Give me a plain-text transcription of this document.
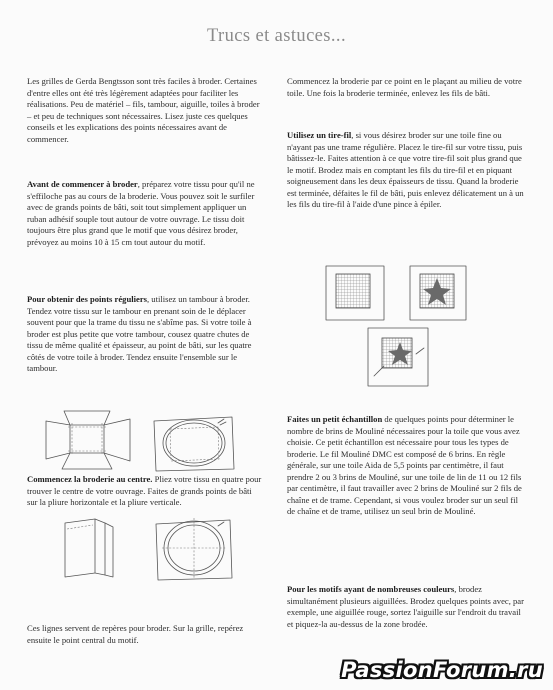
Trucs et astuces...

Les grilles de Gerda Bengtsson sont très faciles à broder. Certaines d'entre elles ont été très légèrement adaptées pour faciliter les réalisations. Peu de matériel – fils, tambour, aiguille, toiles à broder – et peu de techniques sont nécessaires. Lisez juste ces quelques conseils et les explications des points nécessaires avant de commencer.

Avant de commencer à broder, préparez votre tissu pour qu'il ne s'effiloche pas au cours de la broderie. Vous pouvez soit le surfiler avec de grands points de bâti, soit tout simplement appliquer un ruban adhésif souple tout autour de votre ouvrage. Le tissu doit toujours être plus grand que le motif que vous désirez broder, prévoyez au moins 10 à 15 cm tout autour du motif.

Pour obtenir des points réguliers, utilisez un tambour à broder. Tendez votre tissu sur le tambour en prenant soin de le déplacer souvent pour que la trame du tissu ne s'abîme pas. Si votre toile à broder est plus petite que votre tambour, cousez quatre chutes de tissu de même qualité et épaisseur, au point de bâti, sur les quatre côtés de votre toile à broder. Tendez ensuite l'ensemble sur le tambour.

Commencez la broderie au centre. Pliez votre tissu en quatre pour trouver le centre de votre ouvrage. Faites de grands points de bâti sur la pliure horizontale et la pliure verticale.

Ces lignes servent de repères pour broder. Sur la grille, repérez ensuite le point central du motif.

Commencez la broderie par ce point en le plaçant au milieu de votre toile. Une fois la broderie terminée, enlevez les fils de bâti.

Utilisez un tire-fil, si vous désirez broder sur une toile fine ou n'ayant pas une trame régulière. Placez le tire-fil sur votre tissu, puis bâtissez-le. Faites attention à ce que votre tire-fil soit plus grand que le motif. Brodez mais en comptant les fils du tire-fil et en piquant soigneusement dans les deux épaisseurs de tissu. Quand la broderie est terminée, défaites le fil de bâti, puis enlevez délicatement un à un les fils du tire-fil à l'aide d'une pince à épiler.

Faites un petit échantillon de quelques points pour déterminer le nombre de brins de Mouliné nécessaires pour la toile que vous avez choisie. Ce petit échantillon est nécessaire pour tous les types de broderie. Le fil Mouliné DMC est composé de 6 brins. En règle générale, sur une toile Aida de 5,5 points par centimètre, il faut prendre 2 ou 3 brins de Mouliné, sur une toile de lin de 11 ou 12 fils par centimètre, il faut travailler avec 2 brins de Mouliné sur 2 fils de chaîne et de trame. Cependant, si vous voulez broder sur un seul fil de chaîne et de trame, utilisez un seul brin de Mouliné.

Pour les motifs ayant de nombreuses couleurs, brodez simultanément plusieurs aiguillées. Brodez quelques points avec, par exemple, une aiguillée rouge, sortez l'aiguille sur l'endroit du travail et piquez-la au-dessus de la zone brodée.

PassionForum.ru
